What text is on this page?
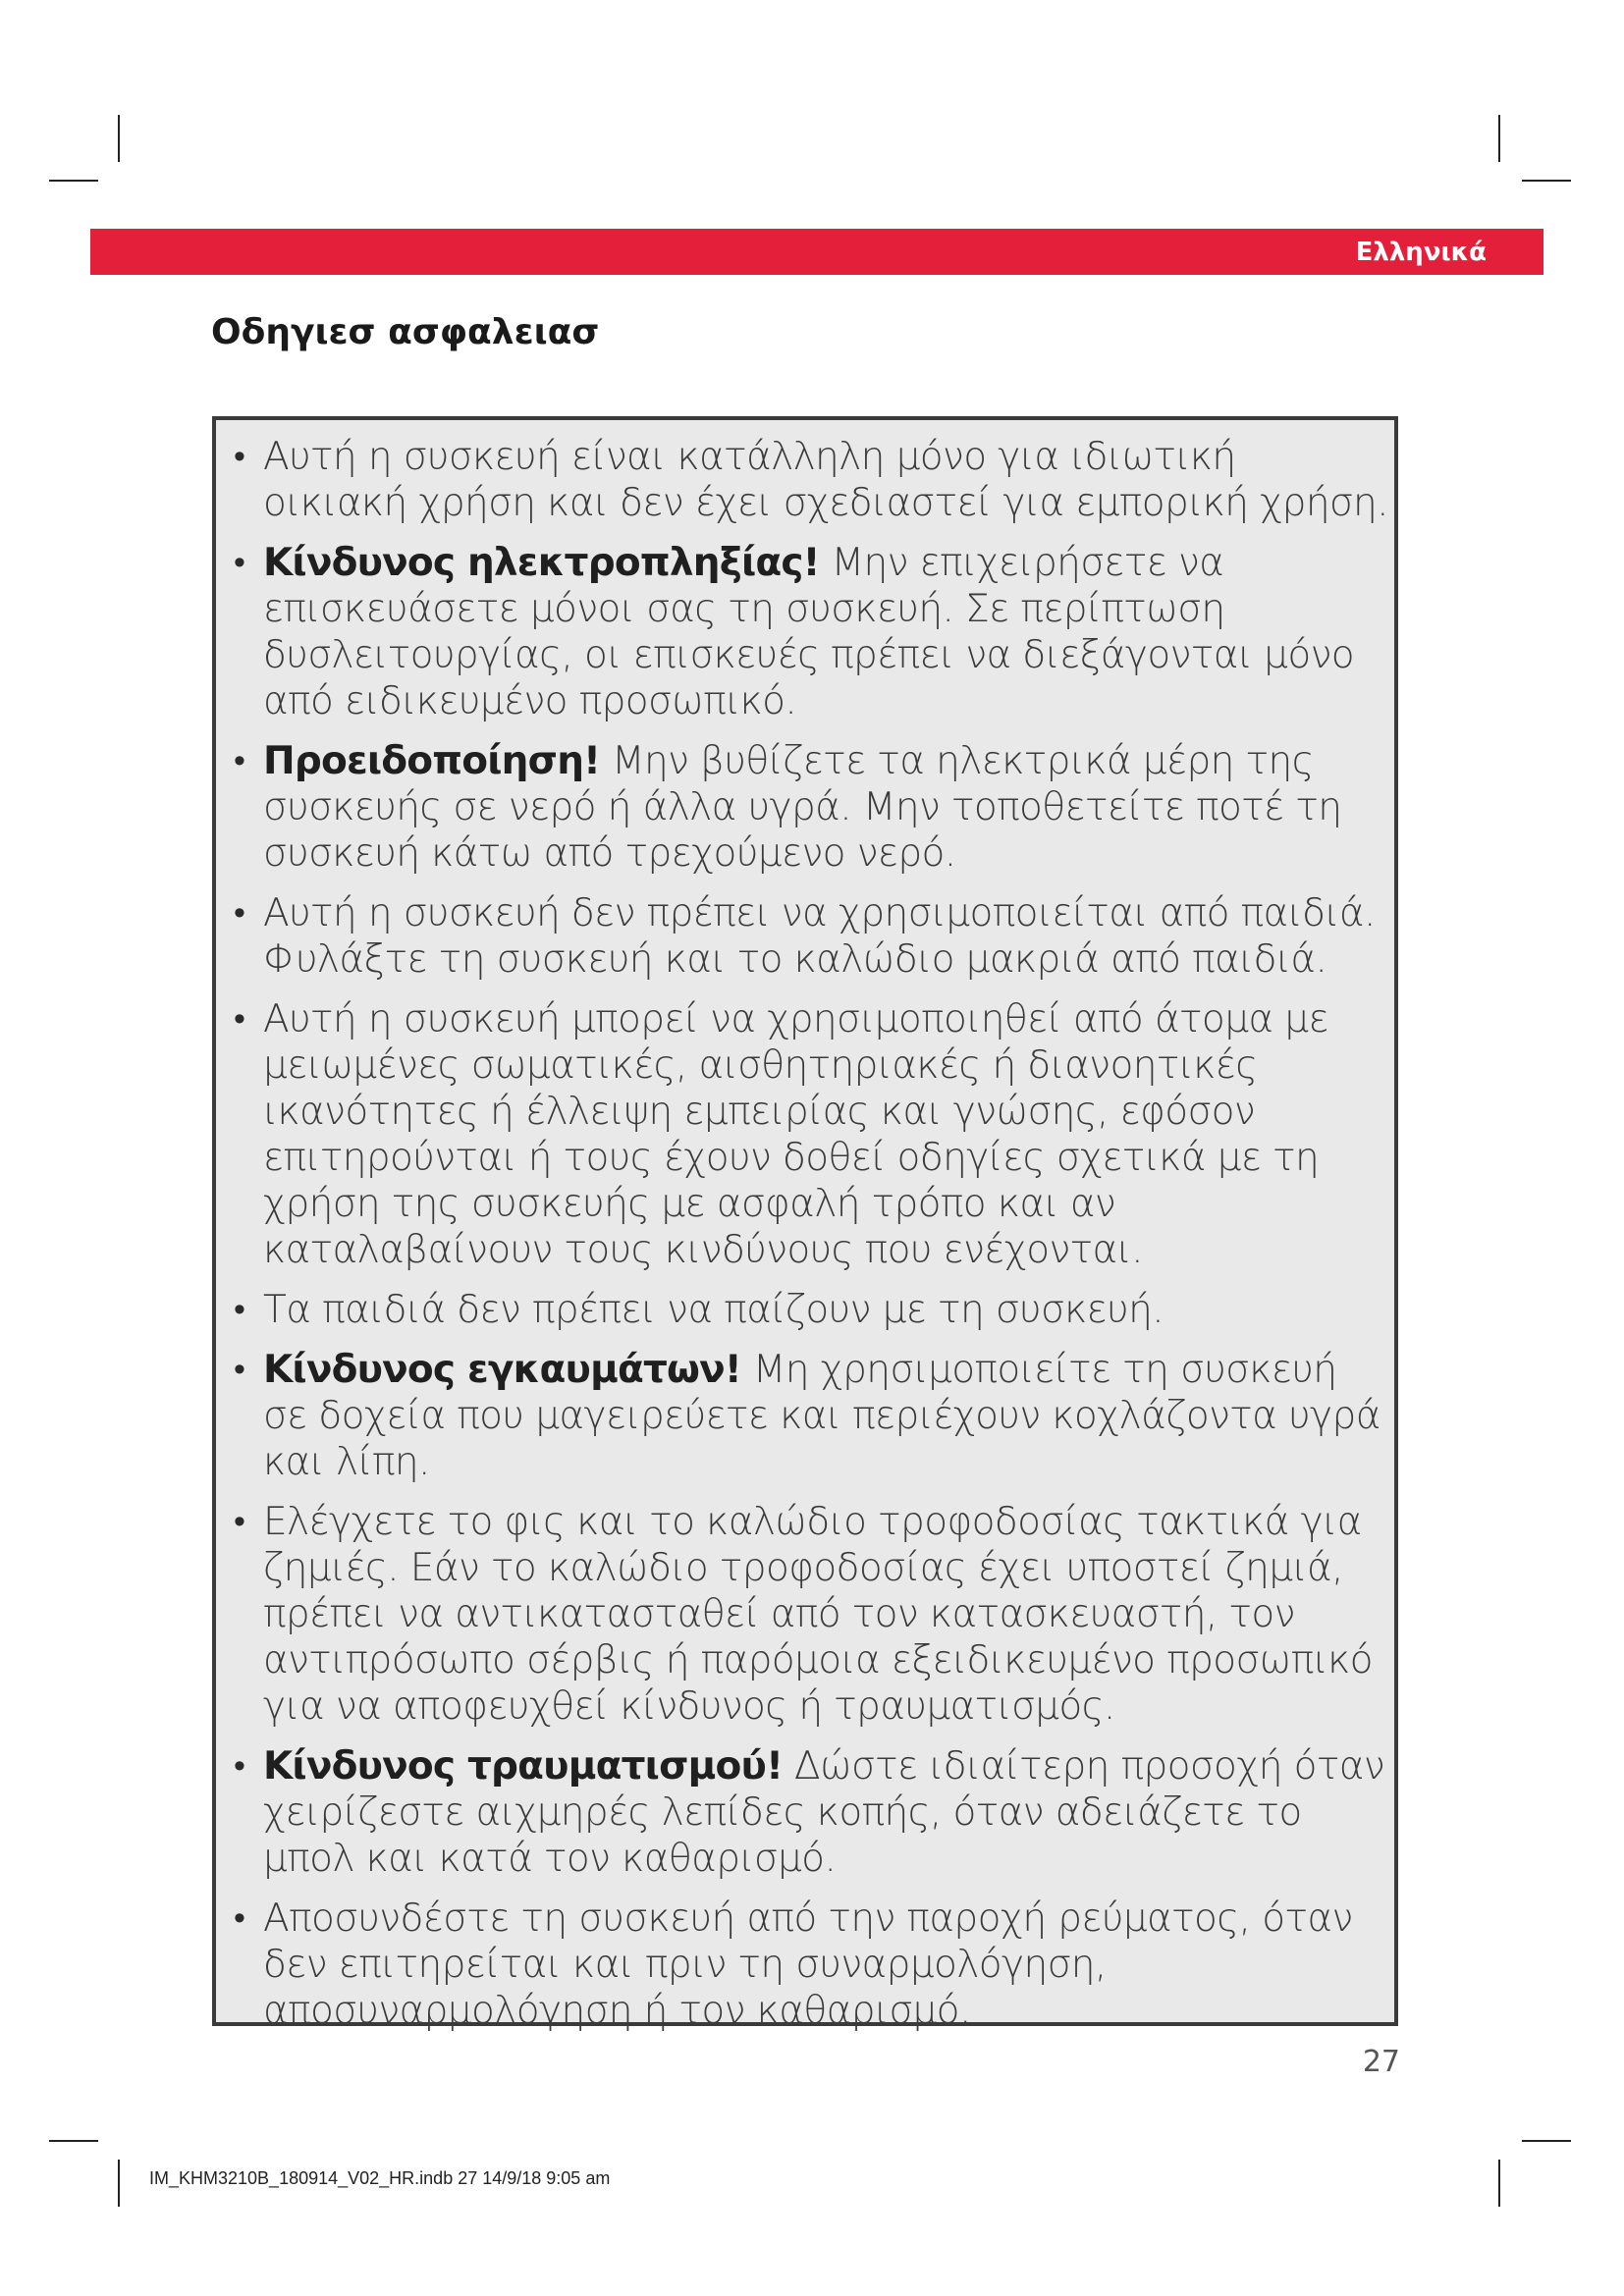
Ελληνικά
Οδηγιεσ ασφαλειασ
• Αυτή η συσκευή είναι κατάλληλη μόνο για ιδιωτική οικιακή χρήση και δεν έχει σχεδιαστεί για εμπορική χρήση.
• Κίνδυνος ηλεκτροπληξίας! Μην επιχειρήσετε να επισκευάσετε μόνοι σας τη συσκευή. Σε περίπτωση δυσλειτουργίας, οι επισκευές πρέπει να διεξάγονται μόνο από ειδικευμένο προσωπικό.
• Προειδοποίηση! Μην βυθίζετε τα ηλεκτρικά μέρη της συσκευής σε νερό ή άλλα υγρά. Μην τοποθετείτε ποτέ τη συσκευή κάτω από τρεχούμενο νερό.
• Αυτή η συσκευή δεν πρέπει να χρησιμοποιείται από παιδιά. Φυλάξτε τη συσκευή και το καλώδιο μακριά από παιδιά.
• Αυτή η συσκευή μπορεί να χρησιμοποιηθεί από άτομα με μειωμένες σωματικές, αισθητηριακές ή διανοητικές ικανότητες ή έλλειψη εμπειρίας και γνώσης, εφόσον επιτηρούνται ή τους έχουν δοθεί οδηγίες σχετικά με τη χρήση της συσκευής με ασφαλή τρόπο και αν καταλαβαίνουν τους κινδύνους που ενέχονται.
• Τα παιδιά δεν πρέπει να παίζουν με τη συσκευή.
• Κίνδυνος εγκαυμάτων! Μη χρησιμοποιείτε τη συσκευή σε δοχεία που μαγειρεύετε και περιέχουν κοχλάζοντα υγρά και λίπη.
• Ελέγχετε το φις και το καλώδιο τροφοδοσίας τακτικά για ζημιές. Εάν το καλώδιο τροφοδοσίας έχει υποστεί ζημιά, πρέπει να αντικατασταθεί από τον κατασκευαστή, τον αντιπρόσωπο σέρβις ή παρόμοια εξειδικευμένο προσωπικό για να αποφευχθεί κίνδυνος ή τραυματισμός.
• Κίνδυνος τραυματισμού! Δώστε ιδιαίτερη προσοχή όταν χειρίζεστε αιχμηρές λεπίδες κοπής, όταν αδειάζετε το μπολ και κατά τον καθαρισμό.
• Αποσυνδέστε τη συσκευή από την παροχή ρεύματος, όταν δεν επιτηρείται και πριν τη συναρμολόγηση, αποσυναρμολόγηση ή τον καθαρισμό.
27
IM_KHM3210B_180914_V02_HR.indb 27 14/9/18 9:05 am
